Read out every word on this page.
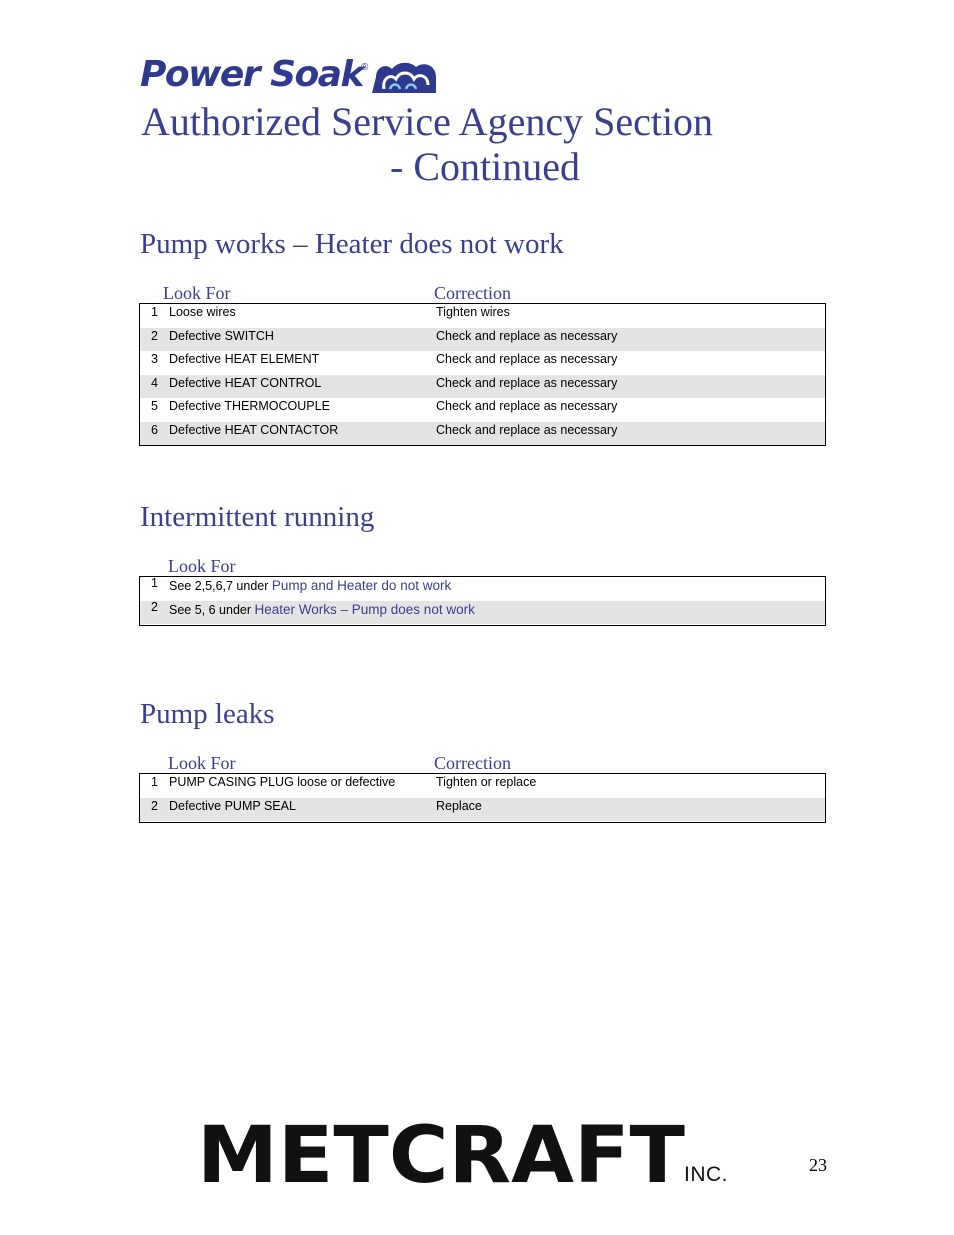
Power Soak
®
Authorized Service Agency Section
- Continued
Pump works – Heater does not work
Look For	Correction
1 Loose wires	Tighten wires
2 Defective SWITCH	Check and replace as necessary
3 Defective HEAT ELEMENT	Check and replace as necessary
4 Defective HEAT CONTROL	Check and replace as necessary
5 Defective THERMOCOUPLE	Check and replace as necessary
6 Defective HEAT CONTACTOR	Check and replace as necessary
Intermittent running
Look For
1 See 2,5,6,7 under Pump and Heater do not work
2 See 5, 6 under Heater Works – Pump does not work
Pump leaks
Look For	Correction
1 PUMP CASING PLUG loose or defective	Tighten or replace
2 Defective PUMP SEAL	Replace
METCRAFT INC.	23
